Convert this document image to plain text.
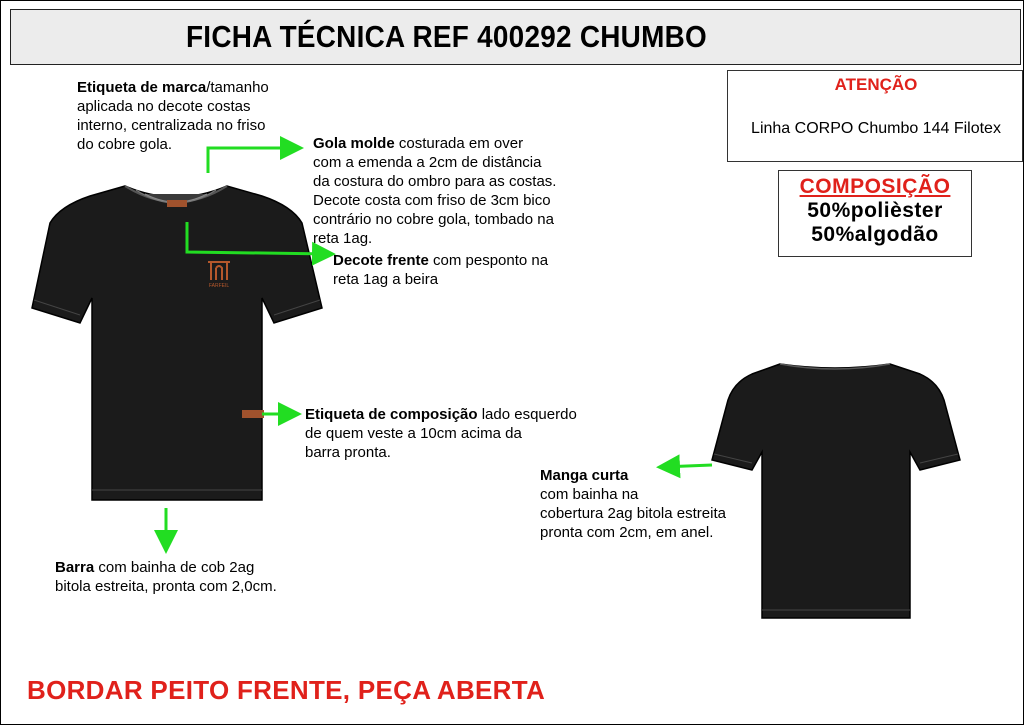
FICHA TÉCNICA REF 400292 CHUMBO
ATENÇÃO
Linha CORPO Chumbo 144 Filotex
COMPOSIÇÃO
50%polièster
50%algodão
FARFEIL
Etiqueta de marca/tamanho
aplicada no decote costas
interno, centralizada no friso
do cobre gola.	Gola molde costurada em over
com a emenda a 2cm de distância
da costura do ombro para as costas.
Decote costa com friso de 3cm bico
contrário no cobre gola, tombado na
reta 1ag.
Decote frente com pesponto na
reta 1ag a beira
Etiqueta de composição lado esquerdo
de quem veste a 10cm acima da
barra pronta.
Manga curta
com bainha na
cobertura 2ag bitola estreita
pronta com 2cm, em anel.
Barra com bainha de cob 2ag
bitola estreita, pronta com 2,0cm.
BORDAR PEITO FRENTE, PEÇA ABERTA
